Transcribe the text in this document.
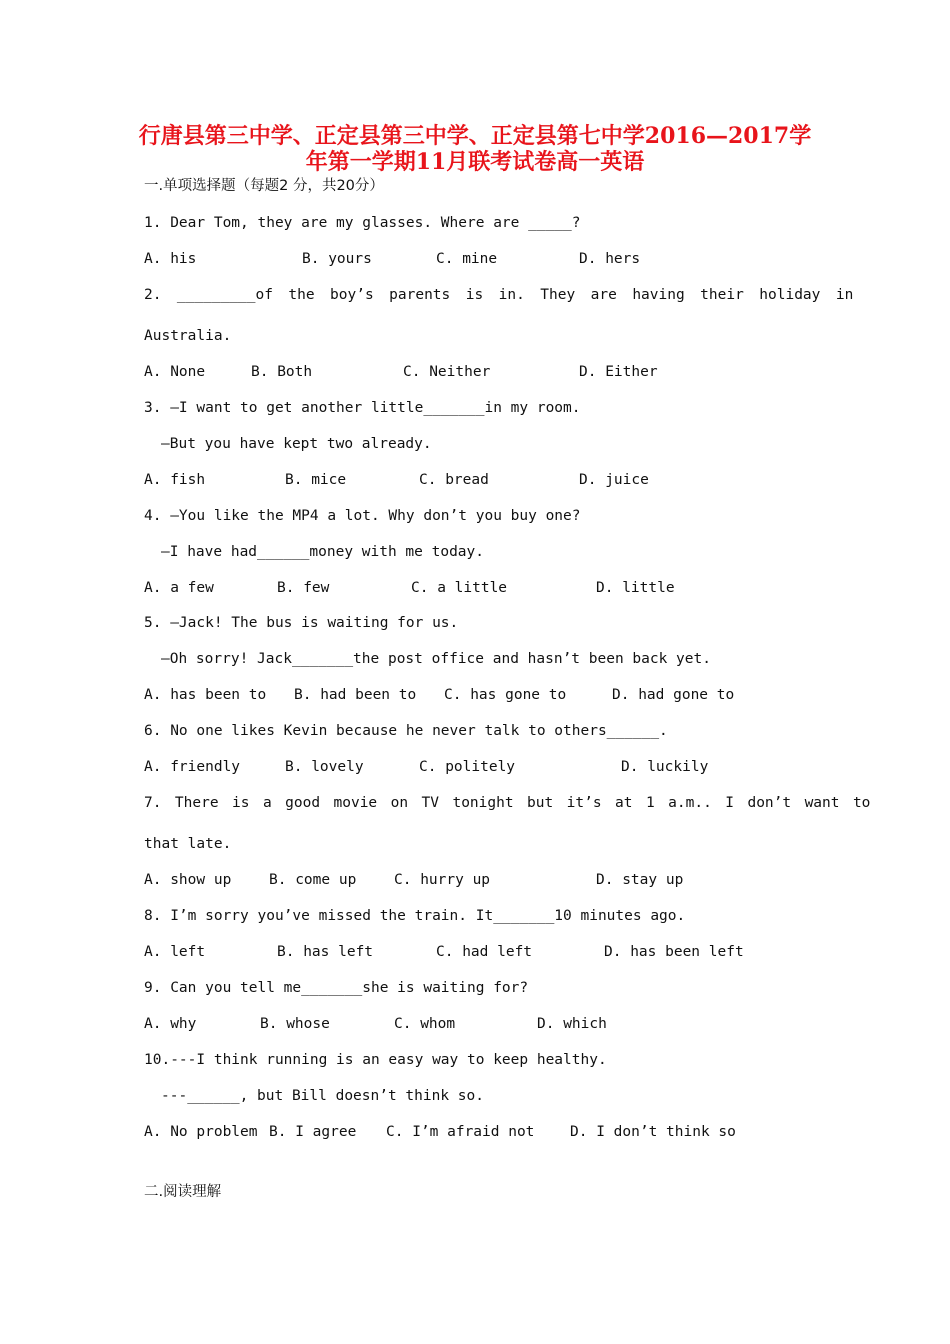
行唐县第三中学、正定县第三中学、正定县第七中学2016—2017学
年第一学期11月联考试卷高一英语
一.单项选择题（每题2 分，共20分）
1. Dear Tom, they are my glasses. Where are _____?
A. his	B. yours	C. mine	D. hers
2.  _________of  the  boy’s  parents  is  in.  They  are  having  their  holiday  in
Australia.
A. None	B. Both	C. Neither	D. Either
3. —I want to get another little_______in my room.
—But you have kept two already.
A. fish	B. mice	C. bread	D. juice
4. —You like the MP4 a lot. Why don’t you buy one?
—I have had______money with me today.
A. a few	B. few	C. a little	D. little
5. —Jack! The bus is waiting for us.
—Oh sorry! Jack_______the post office and hasn’t been back yet.
A. has been to B. had been to C. has gone to	D. had gone to
6. No one likes Kevin because he never talk to others______.
A. friendly	B. lovely	C. politely	D. luckily
7.  There  is  a  good  movie  on  TV  tonight  but  it’s  at  1  a.m..  I  don’t  want  to
that late.
A. show up	B. come up	C. hurry up	D. stay up
8. I’m sorry you’ve missed the train. It_______10 minutes ago.
A. left	B. has left	C. had left	D. has been left
9. Can you tell me_______she is waiting for?
A. why	B. whose	C. whom	D. which
10.---I think running is an easy way to keep healthy.
---______, but Bill doesn’t think so.
A. No problem B. I agree C. I’m afraid not D. I don’t think so
二.阅读理解
